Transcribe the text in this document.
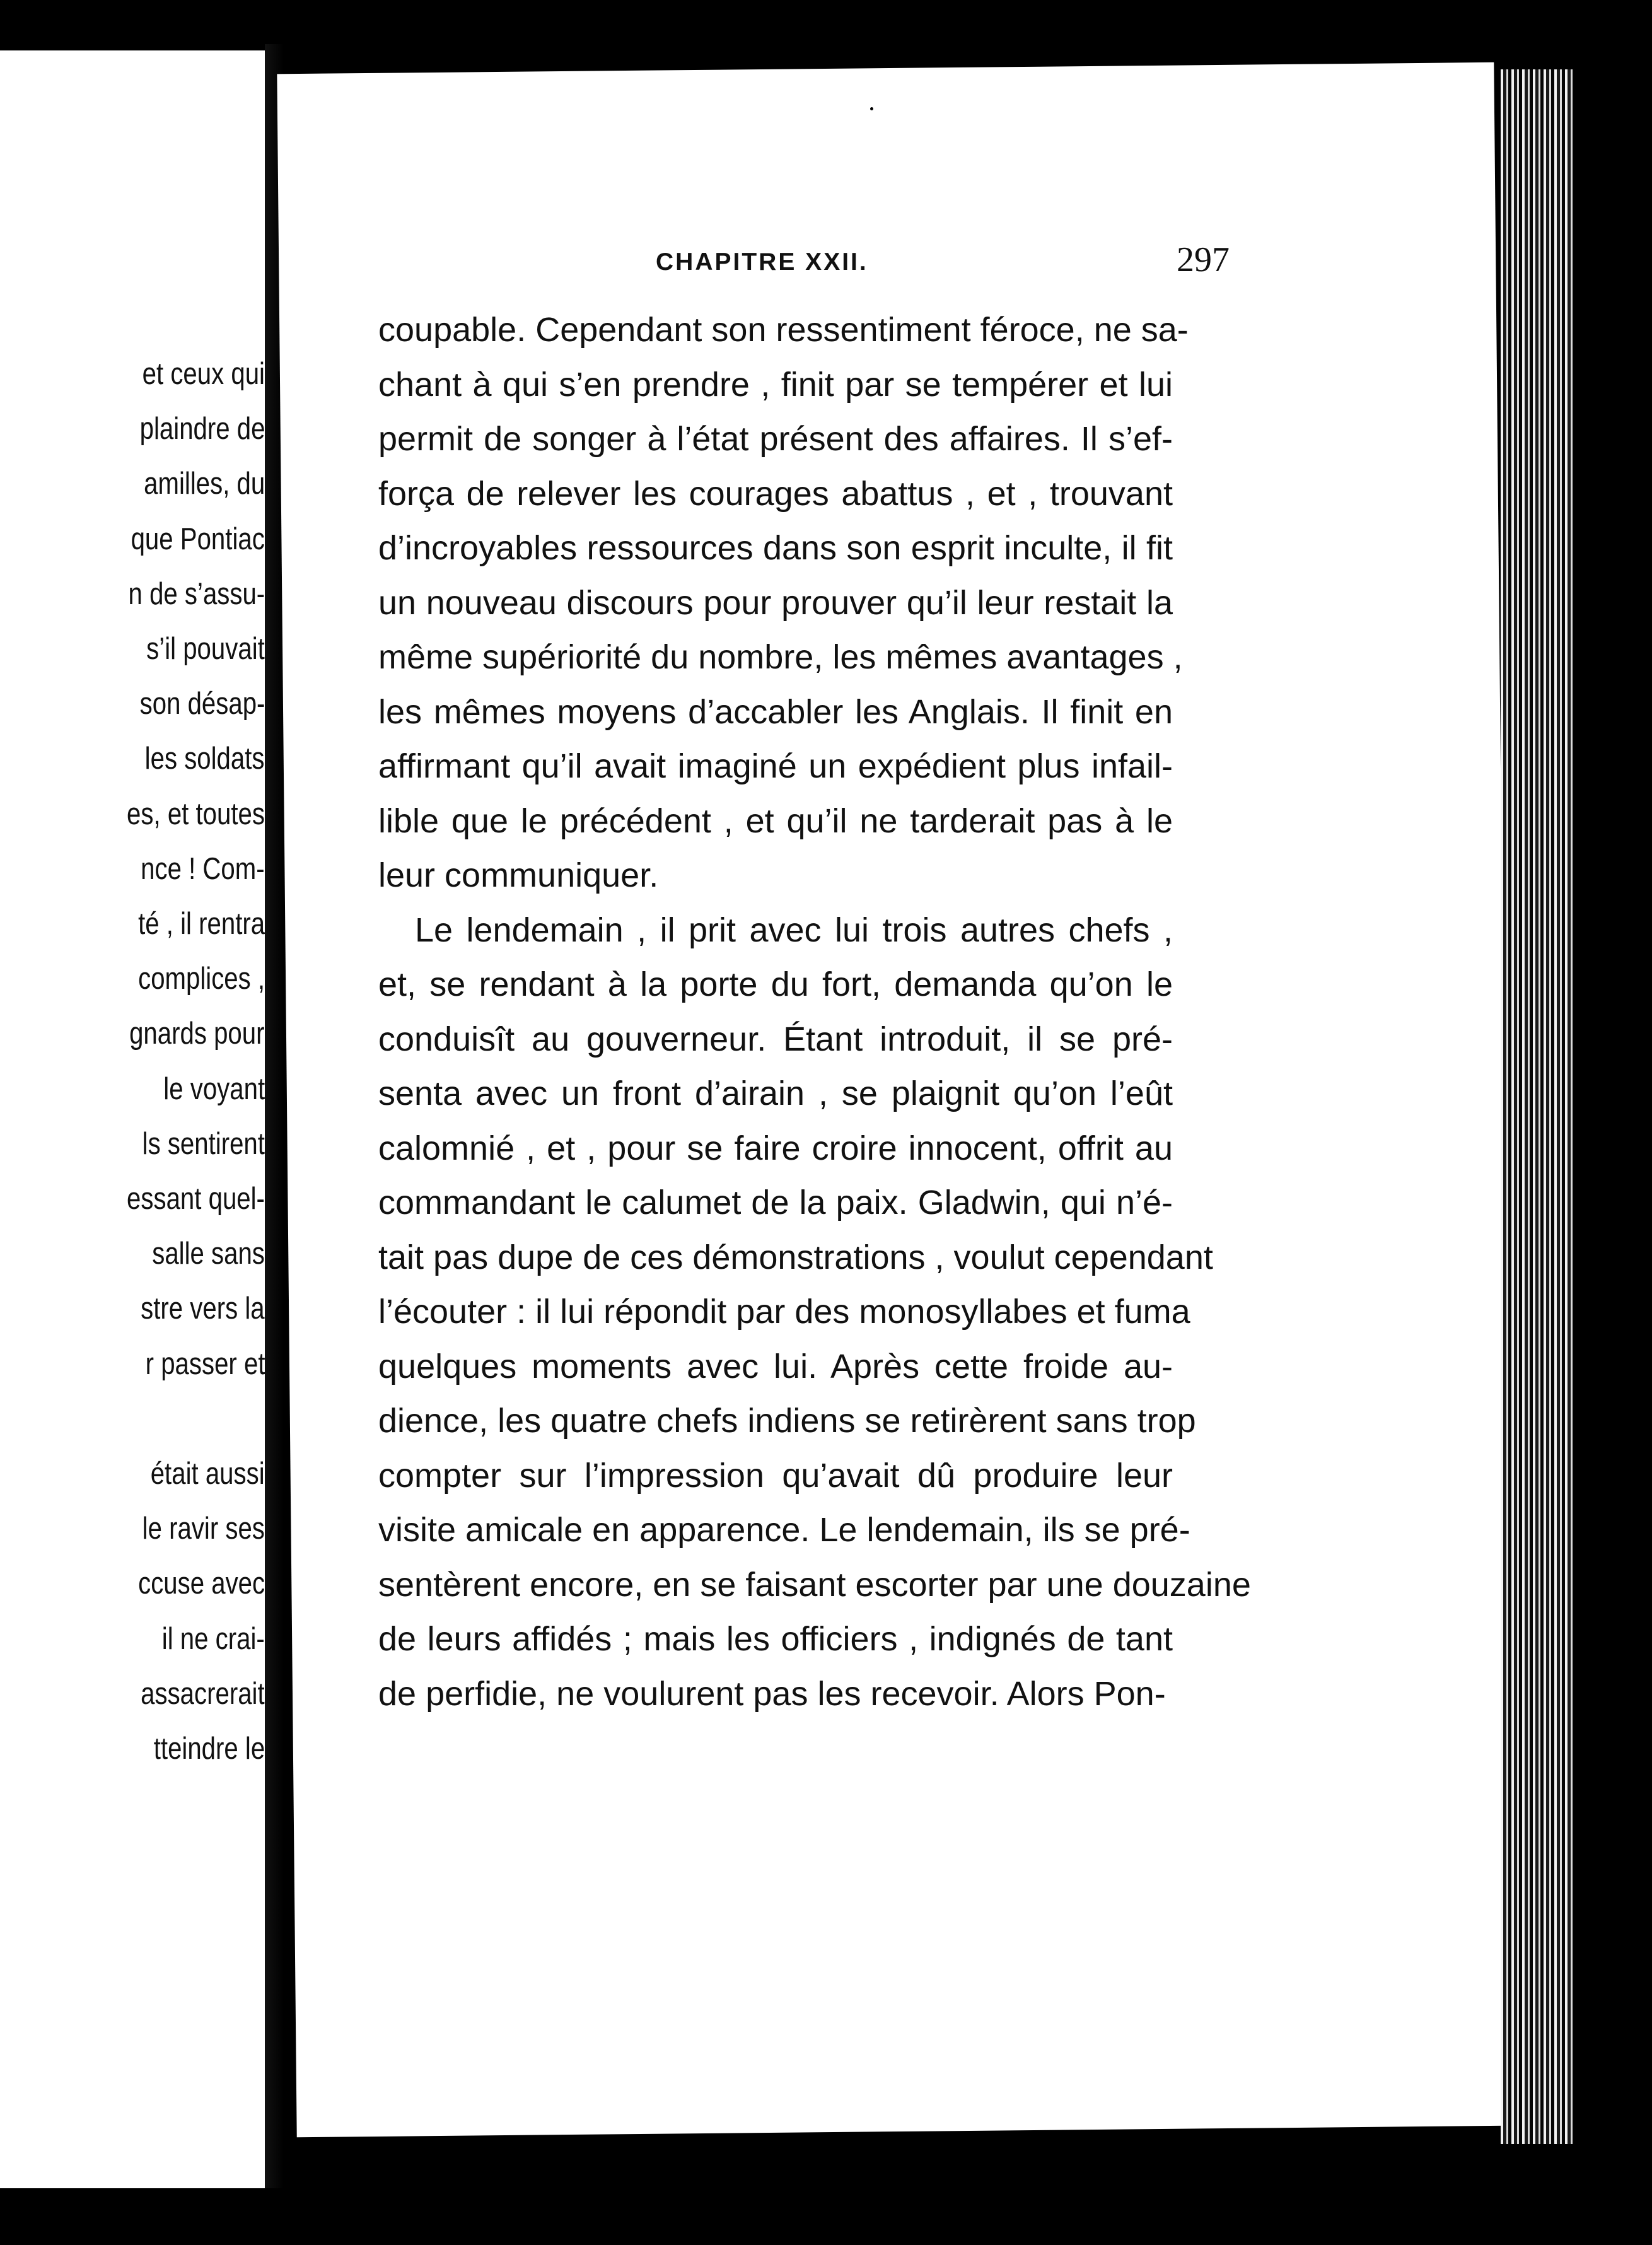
et ceux qui
plaindre de
amilles, du
que Pontiac
n de s’assu-
s’il pouvait
son désap-
les soldats
es, et toutes
nce ! Com-
té , il rentra
complices ,
gnards pour
le voyant
ls sentirent
essant quel-
salle sans
stre vers la
r passer et
était aussi
le ravir ses
ccuse avec
il ne crai-
assacrerait
tteindre le
CHAPITRE XXII.	297
coupable. Cependant son ressentiment féroce, ne sa-
chant à qui s’en prendre , finit par se tempérer et lui
permit de songer à l’état présent des affaires. Il s’ef-
força de relever les courages abattus , et , trouvant
d’incroyables ressources dans son esprit inculte, il fit
un nouveau discours pour prouver qu’il leur restait la
même supériorité du nombre, les mêmes avantages ,
les mêmes moyens d’accabler les Anglais. Il finit en
affirmant qu’il avait imaginé un expédient plus infail-
lible que le précédent , et qu’il ne tarderait pas à le
leur communiquer.
Le lendemain , il prit avec lui trois autres chefs ,
et, se rendant à la porte du fort, demanda qu’on le
conduisît au gouverneur. Étant introduit, il se pré-
senta avec un front d’airain , se plaignit qu’on l’eût
calomnié , et , pour se faire croire innocent, offrit au
commandant le calumet de la paix. Gladwin, qui n’é-
tait pas dupe de ces démonstrations , voulut cependant
l’écouter : il lui répondit par des monosyllabes et fuma
quelques moments avec lui. Après cette froide au-
dience, les quatre chefs indiens se retirèrent sans trop
compter sur l’impression qu’avait dû produire leur
visite amicale en apparence. Le lendemain, ils se pré-
sentèrent encore, en se faisant escorter par une douzaine
de leurs affidés ; mais les officiers , indignés de tant
de perfidie, ne voulurent pas les recevoir. Alors Pon-
